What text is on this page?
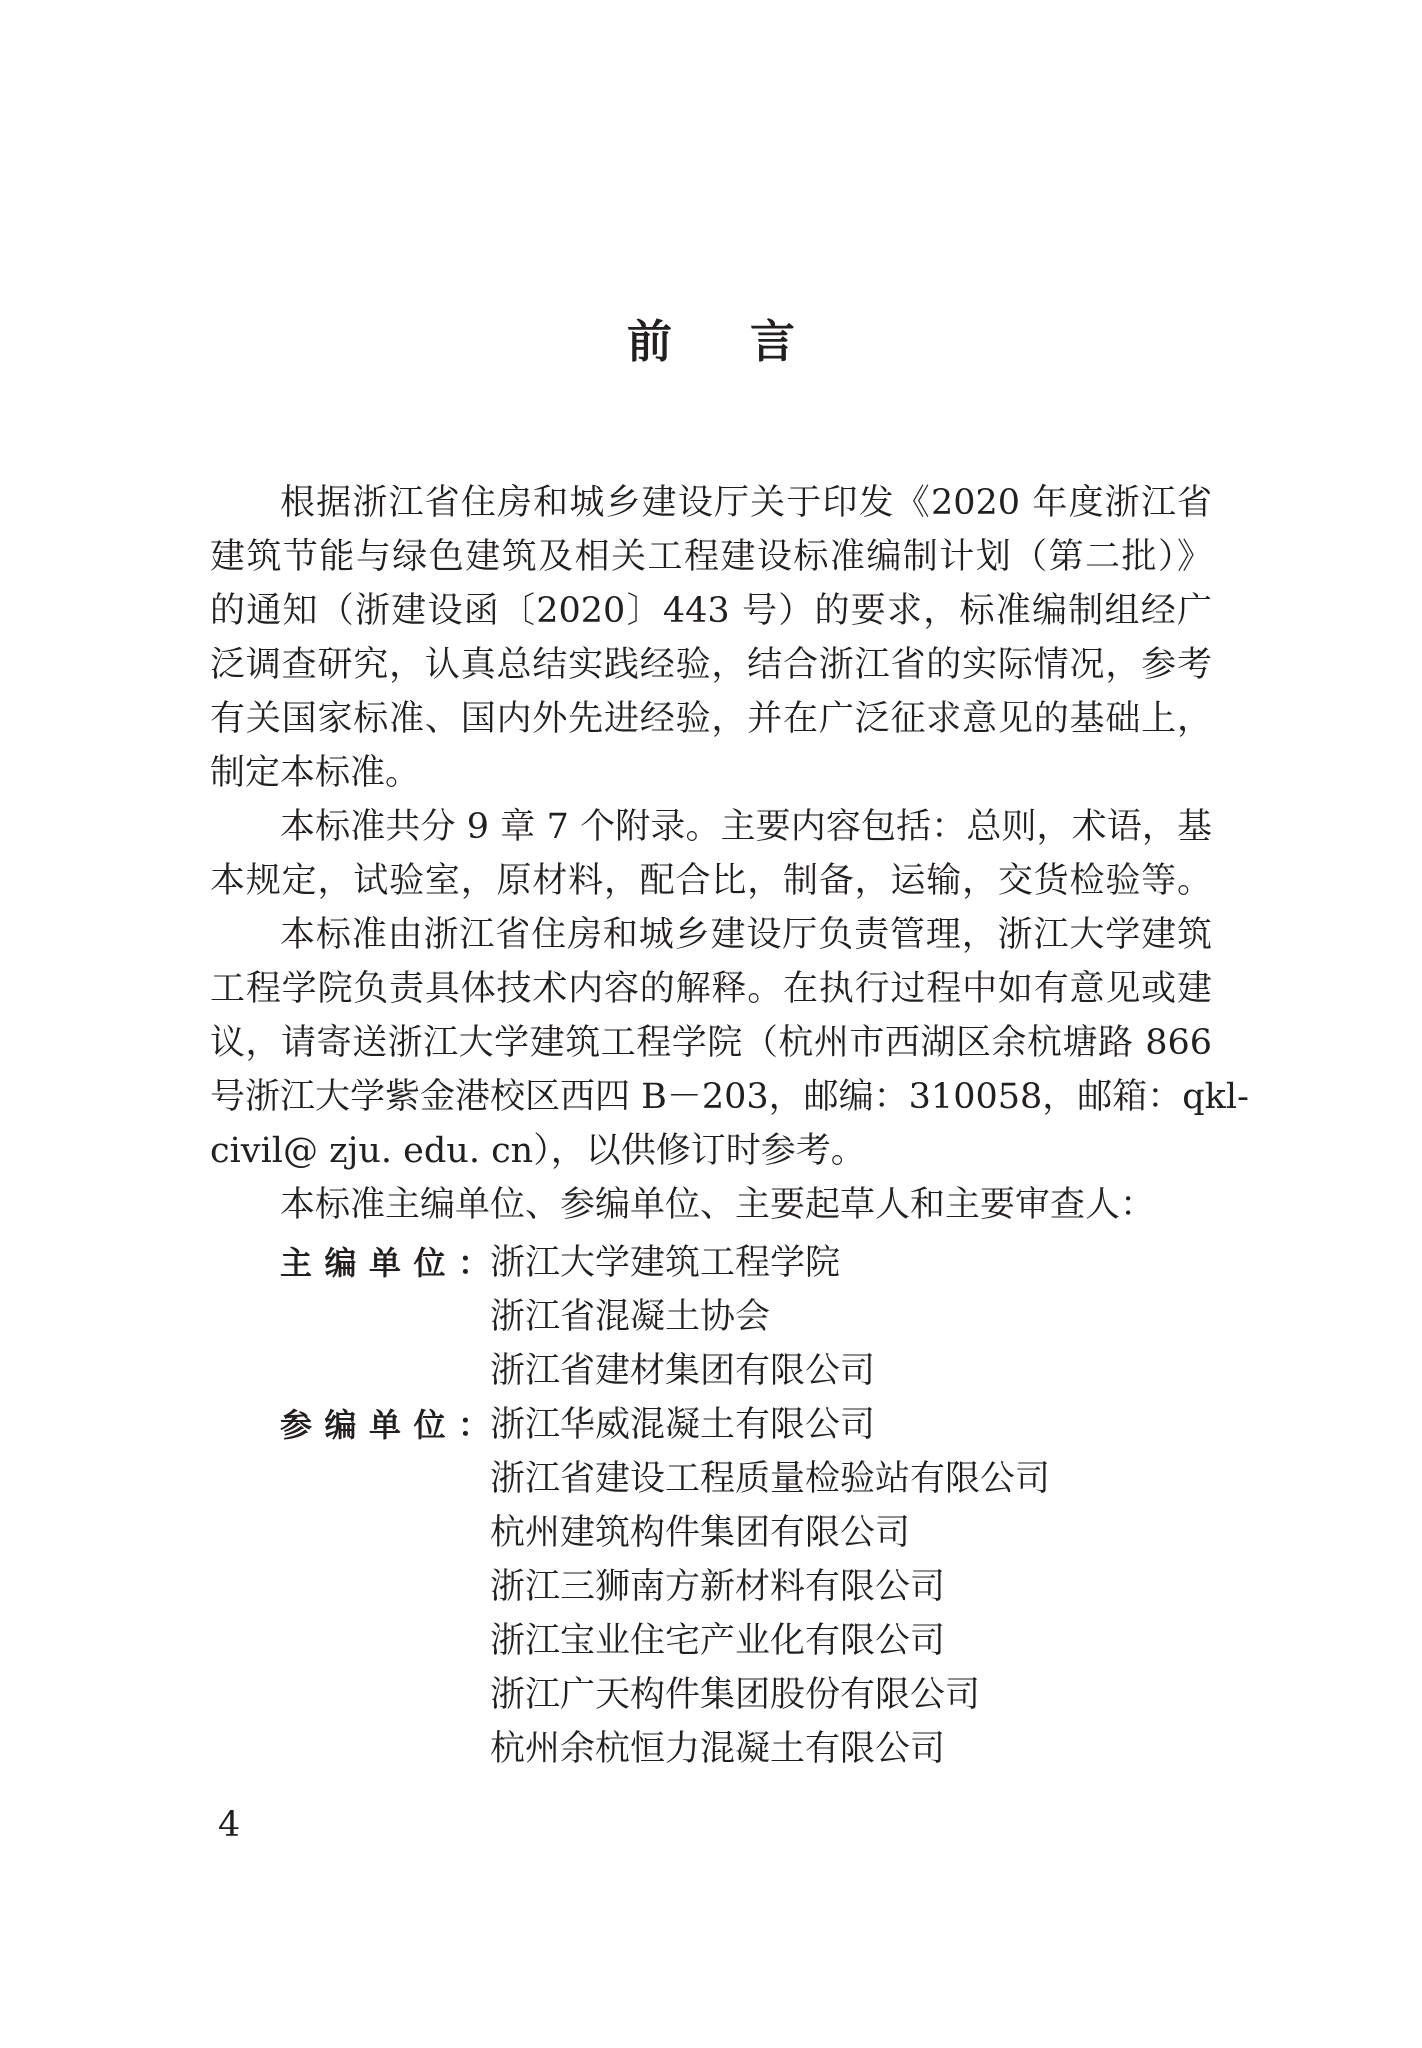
前言
根据浙江省住房和城乡建设厅关于印发《2020 年度浙江省
建筑节能与绿色建筑及相关工程建设标准编制计划（第二批）》
的通知（浙建设函〔2020〕443 号）的要求，标准编制组经广
泛调查研究，认真总结实践经验，结合浙江省的实际情况，参考
有关国家标准、国内外先进经验，并在广泛征求意见的基础上，
制定本标准。
本标准共分 9 章 7 个附录。主要内容包括：总则，术语，基
本规定，试验室，原材料，配合比，制备，运输，交货检验等。
本标准由浙江省住房和城乡建设厅负责管理，浙江大学建筑
工程学院负责具体技术内容的解释。在执行过程中如有意见或建
议，请寄送浙江大学建筑工程学院（杭州市西湖区余杭塘路 866
号浙江大学紫金港校区西四 B－203，邮编：310058，邮箱：qkl-
civil@ zju. edu. cn），以供修订时参考。
本标准主编单位、参编单位、主要起草人和主要审查人：
主编单位： 浙江大学建筑工程学院
浙江省混凝土协会
浙江省建材集团有限公司
参编单位： 浙江华威混凝土有限公司
浙江省建设工程质量检验站有限公司
杭州建筑构件集团有限公司
浙江三狮南方新材料有限公司
浙江宝业住宅产业化有限公司
浙江广天构件集团股份有限公司
杭州余杭恒力混凝土有限公司
4
